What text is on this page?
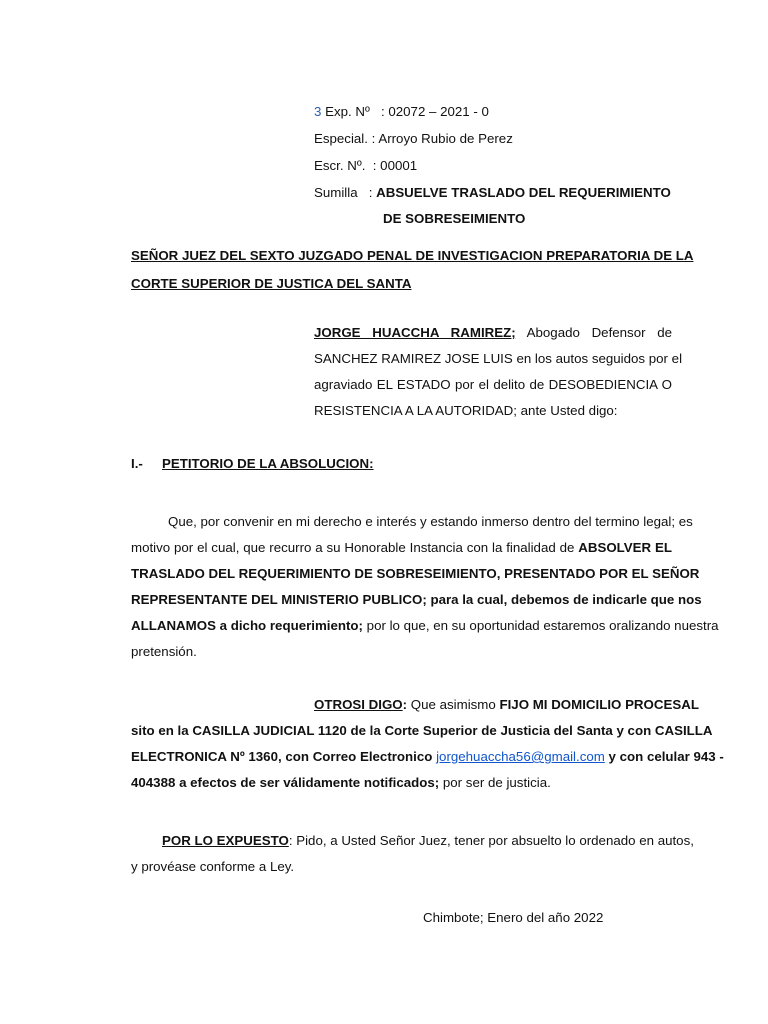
3 Exp. Nº : 02072 – 2021 - 0
Especial. : Arroyo Rubio de Perez
Escr. Nº. : 00001
Sumilla : ABSUELVE TRASLADO DEL REQUERIMIENTO
DE SOBRESEIMIENTO
SEÑOR JUEZ DEL SEXTO JUZGADO PENAL DE INVESTIGACION PREPARATORIA DE LA
CORTE SUPERIOR DE JUSTICA DEL SANTA
JORGE HUACCHA RAMIREZ; Abogado Defensor de
SANCHEZ RAMIREZ JOSE LUIS en los autos seguidos por el
agraviado EL ESTADO por el delito de DESOBEDIENCIA O
RESISTENCIA A LA AUTORIDAD; ante Usted digo:
I.- PETITORIO DE LA ABSOLUCION:
Que, por convenir en mi derecho e interés y estando inmerso dentro del termino legal; es
motivo por el cual, que recurro a su Honorable Instancia con la finalidad de ABSOLVER EL
TRASLADO DEL REQUERIMIENTO DE SOBRESEIMIENTO, PRESENTADO POR EL SEÑOR
REPRESENTANTE DEL MINISTERIO PUBLICO; para la cual, debemos de indicarle que nos
ALLANAMOS a dicho requerimiento; por lo que, en su oportunidad estaremos oralizando nuestra
pretensión.
OTROSI DIGO: Que asimismo FIJO MI DOMICILIO PROCESAL
sito en la CASILLA JUDICIAL 1120 de la Corte Superior de Justicia del Santa y con CASILLA
ELECTRONICA Nº 1360, con Correo Electronico jorgehuaccha56@gmail.com y con celular 943 -
404388 a efectos de ser válidamente notificados; por ser de justicia.
POR LO EXPUESTO: Pido, a Usted Señor Juez, tener por absuelto lo ordenado en autos,
y provéase conforme a Ley.
Chimbote; Enero del año 2022
